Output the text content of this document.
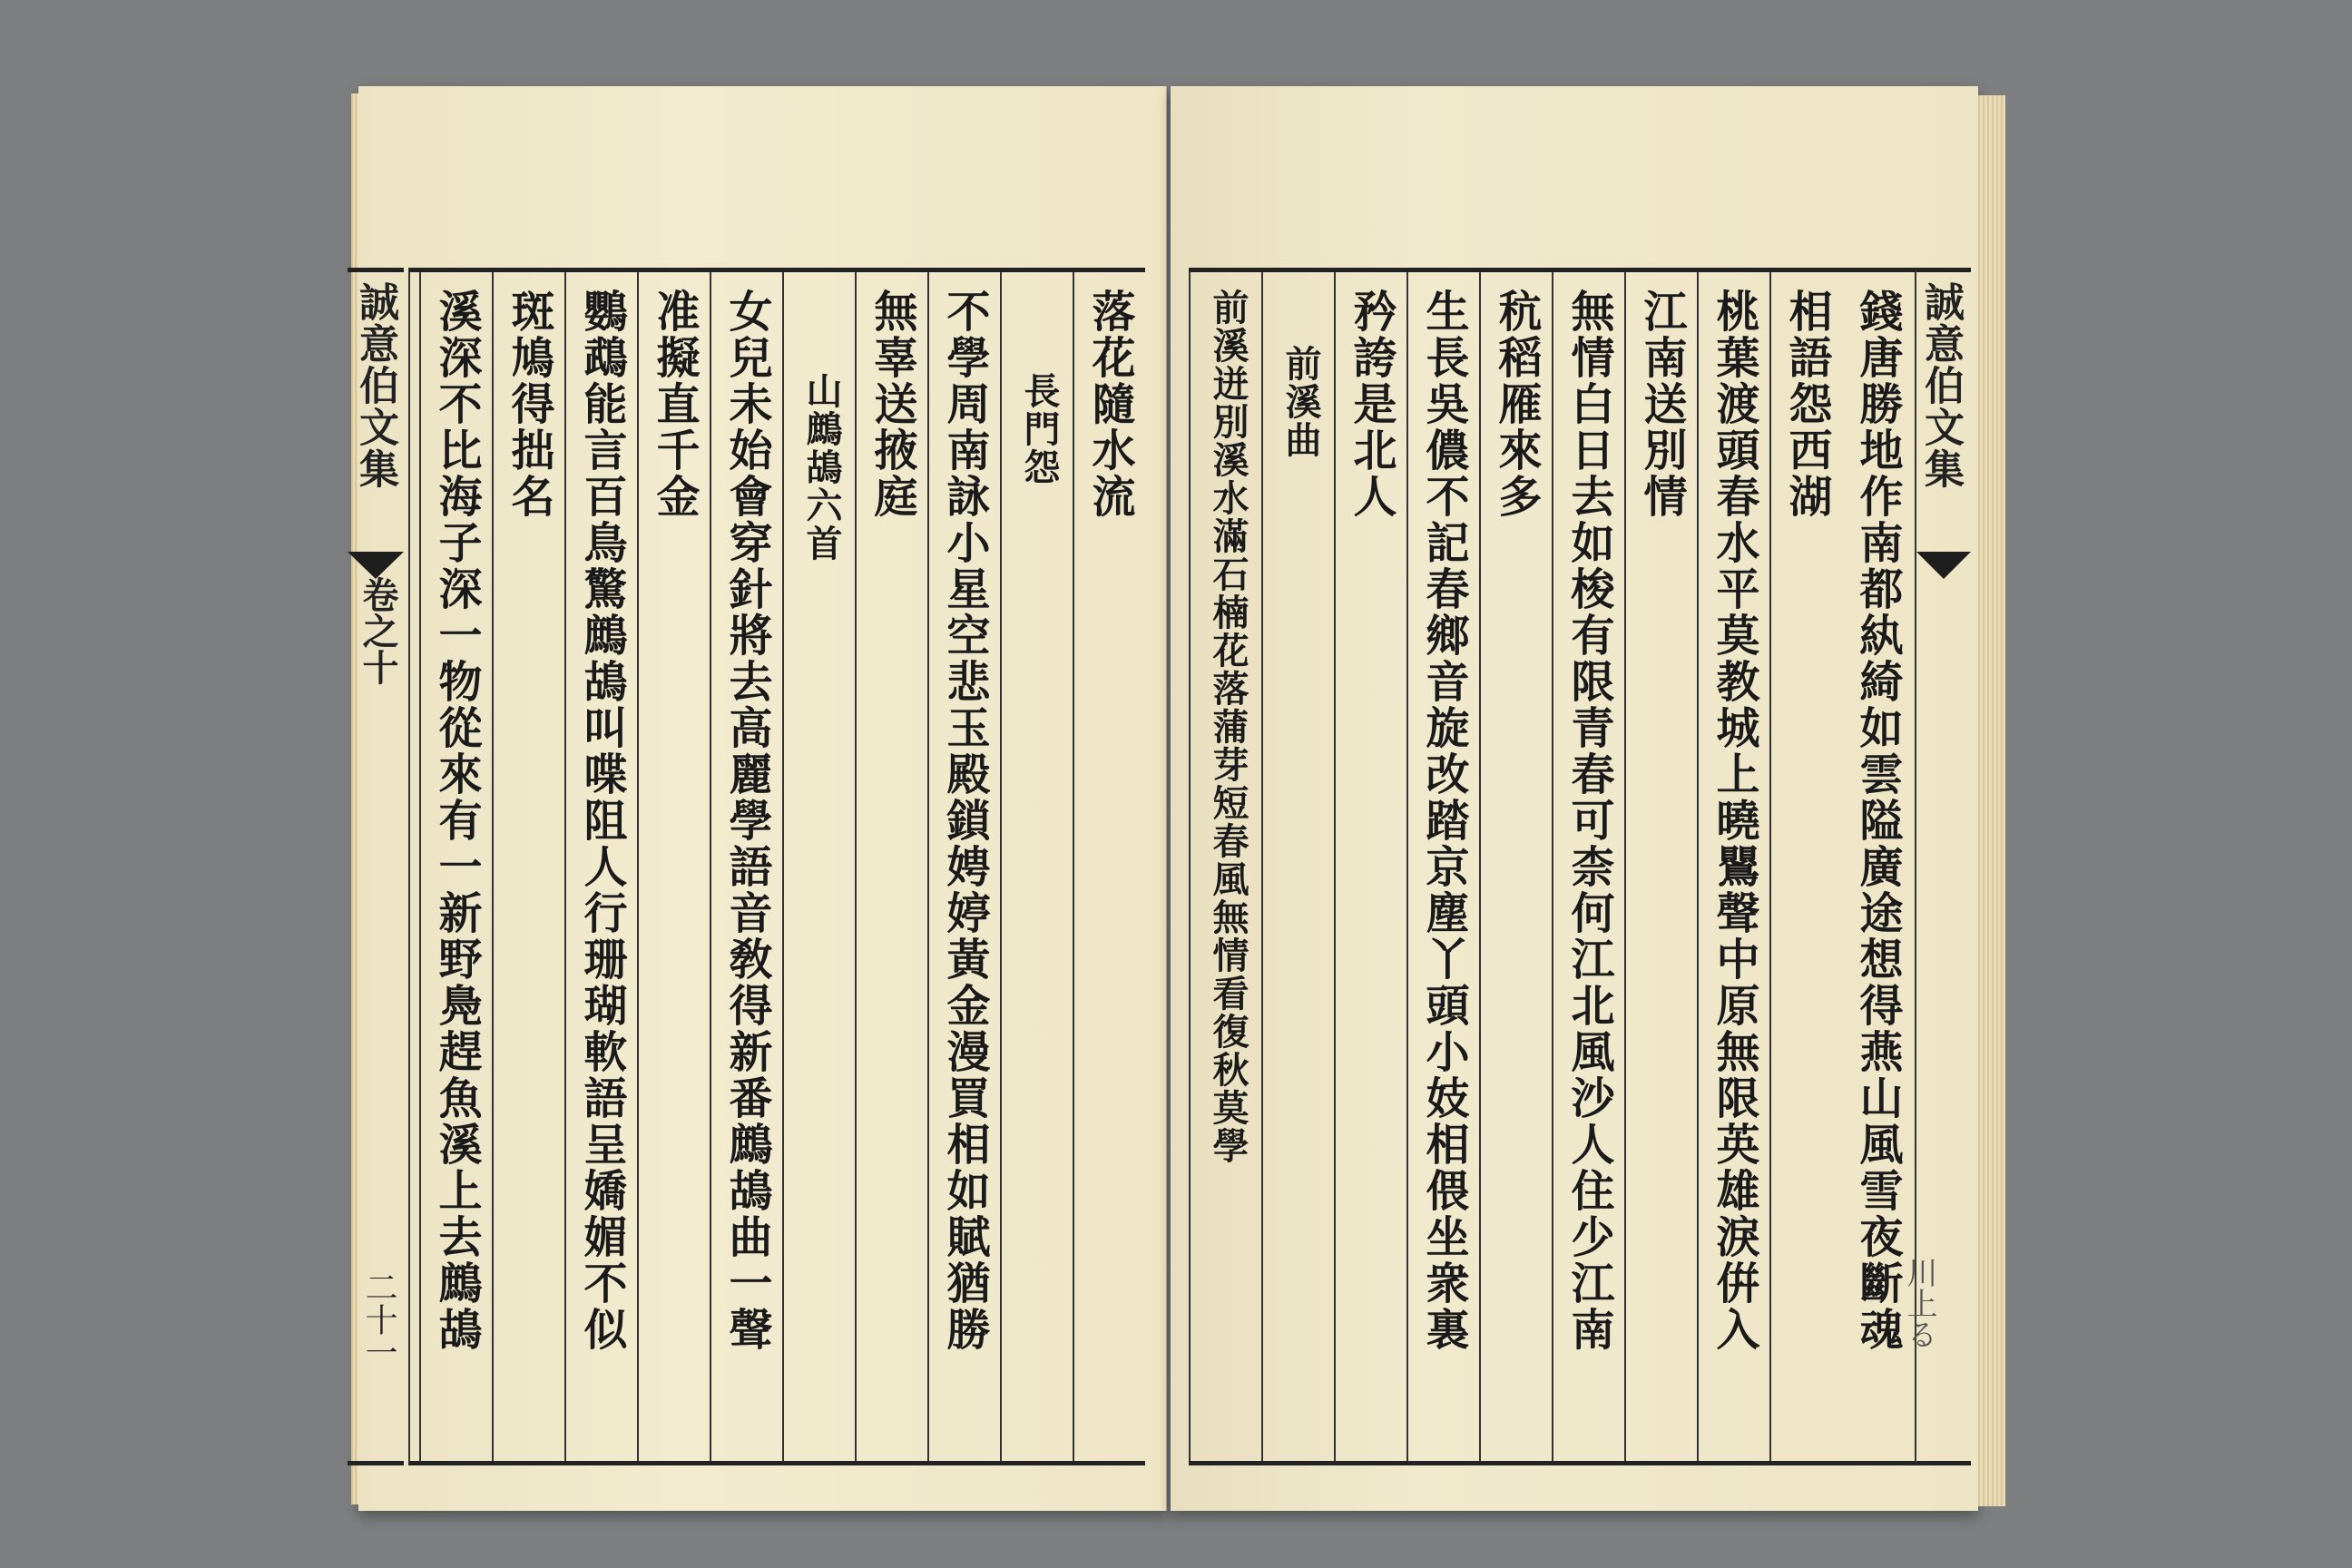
落花隨水流
長門怨
不學周南詠小星空悲玉殿鎖娉婷黃金漫買相如賦猶勝
無辜送掖庭
山鷓鴣六首
女兒未始會穿針將去高麗學語音敎得新番鷓鴣曲一聲
准擬直千金
鸚鵡能言百鳥驚鷓鴣叫喋阻人行珊瑚軟語呈嬌媚不似
斑鳩得拙名
溪深不比海子深一物從來有一新野鳧趕魚溪上去鷓鴣
誠意伯文集
卷之十
二十一	錢唐勝地作南都紈綺如雲隘廣途想得燕山風雪夜斷魂
相語怨西湖
桃葉渡頭春水平莫教城上曉鸎聲中原無限英雄淚倂入
江南送別情
無情白日去如梭有限青春可柰何江北風沙人住少江南
秔稻雁來多
生長吳儂不記春鄉音旋改踏京塵丫頭小妓相偎坐衆裏
矜誇是北人
前溪曲
前溪迸別溪水滿石楠花落蒲芽短春風無情看復秋莫學	誠意伯文集
川上る
